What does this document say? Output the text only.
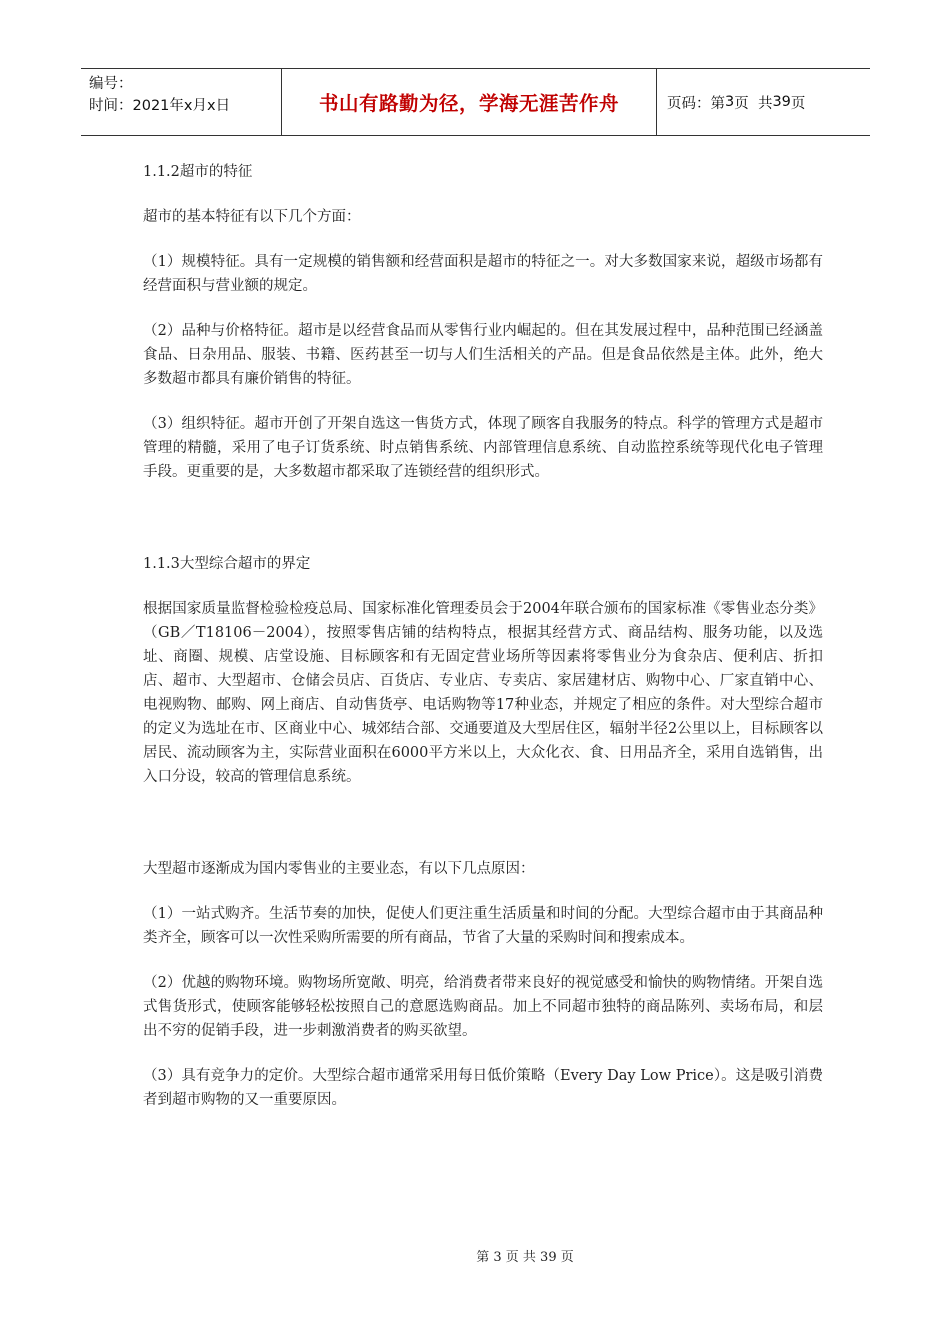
编号：
时间：2021年x月x日	书山有路勤为径，学海无涯苦作舟	页码：第 3 页  共 39 页

1.1.2超市的特征

超市的基本特征有以下几个方面：

（1）规模特征。具有一定规模的销售额和经营面积是超市的特征之一。对大多数国家来说，超级市场都有经营面积与营业额的规定。

（2）品种与价格特征。超市是以经营食品而从零售行业内崛起的。但在其发展过程中，品种范围已经涵盖食品、日杂用品、服装、书籍、医药甚至一切与人们生活相关的产品。但是食品依然是主体。此外，绝大多数超市都具有廉价销售的特征。

（3）组织特征。超市开创了开架自选这一售货方式，体现了顾客自我服务的特点。科学的管理方式是超市管理的精髓，采用了电子订货系统、时点销售系统、内部管理信息系统、自动监控系统等现代化电子管理手段。更重要的是，大多数超市都采取了连锁经营的组织形式。

1.1.3大型综合超市的界定

根据国家质量监督检验检疫总局、国家标准化管理委员会于2004年联合颁布的国家标准《零售业态分类》（GB／T18106－2004），按照零售店铺的结构特点，根据其经营方式、商品结构、服务功能，以及选址、商圈、规模、店堂设施、目标顾客和有无固定营业场所等因素将零售业分为食杂店、便利店、折扣店、超市、大型超市、仓储会员店、百货店、专业店、专卖店、家居建材店、购物中心、厂家直销中心、电视购物、邮购、网上商店、自动售货亭、电话购物等17种业态，并规定了相应的条件。对大型综合超市的定义为选址在市、区商业中心、城郊结合部、交通要道及大型居住区，辐射半径2公里以上，目标顾客以居民、流动顾客为主，实际营业面积在6000平方米以上，大众化衣、食、日用品齐全，采用自选销售，出入口分设，较高的管理信息系统。

大型超市逐渐成为国内零售业的主要业态，有以下几点原因：

（1）一站式购齐。生活节奏的加快，促使人们更注重生活质量和时间的分配。大型综合超市由于其商品种类齐全，顾客可以一次性采购所需要的所有商品，节省了大量的采购时间和搜索成本。

（2）优越的购物环境。购物场所宽敞、明亮，给消费者带来良好的视觉感受和愉快的购物情绪。开架自选式售货形式，使顾客能够轻松按照自己的意愿选购商品。加上不同超市独特的商品陈列、卖场布局，和层出不穷的促销手段，进一步刺激消费者的购买欲望。

（3）具有竞争力的定价。大型综合超市通常采用每日低价策略（Every Day Low Price）。这是吸引消费者到超市购物的又一重要原因。

第 3 页 共 39 页
